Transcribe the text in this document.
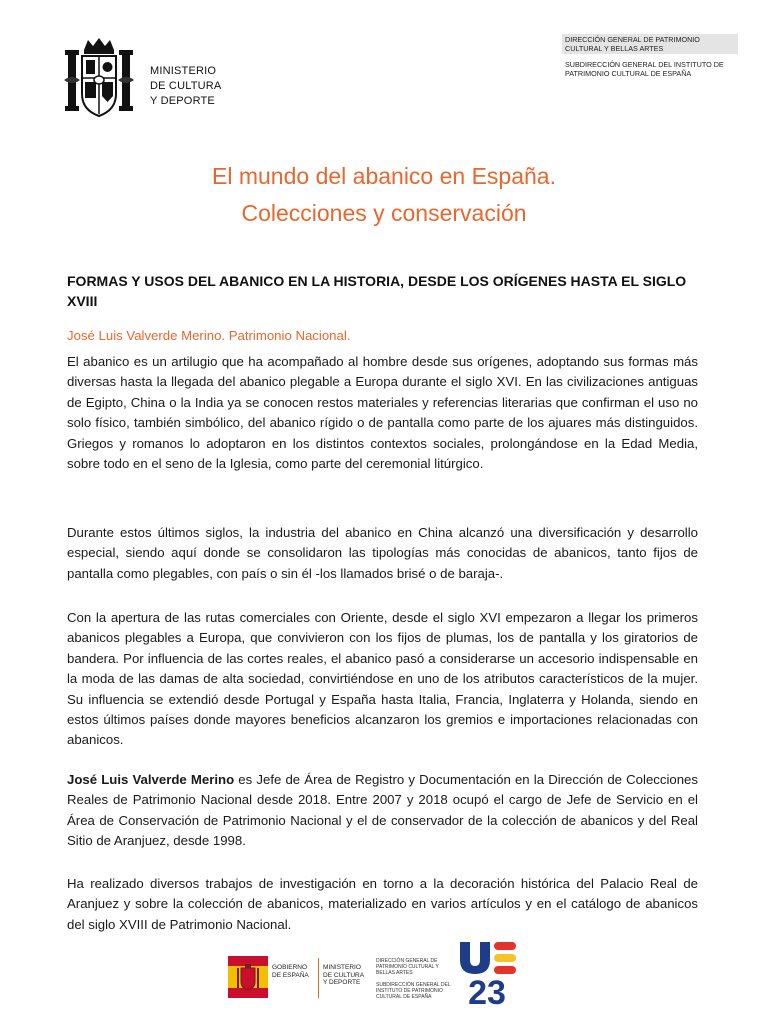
MINISTERIO
DE CULTURA
Y DEPORTE
DIRECCIÓN GENERAL DE PATRIMONIO CULTURAL Y BELLAS ARTES
SUBDIRECCIÓN GENERAL DEL INSTITUTO DE PATRIMONIO CULTURAL DE ESPAÑA
El mundo del abanico en España.
Colecciones y conservación
FORMAS Y USOS DEL ABANICO EN LA HISTORIA, DESDE LOS ORÍGENES HASTA EL SIGLO XVIII
José Luis Valverde Merino. Patrimonio Nacional.

El abanico es un artilugio que ha acompañado al hombre desde sus orígenes, adoptando sus formas más diversas hasta la llegada del abanico plegable a Europa durante el siglo XVI. En las civilizaciones antiguas de Egipto, China o la India ya se conocen restos materiales y referencias literarias que confirman el uso no solo físico, también simbólico, del abanico rígido o de pantalla como parte de los ajuares más distinguidos. Griegos y romanos lo adoptaron en los distintos contextos sociales, prolongándose en la Edad Media, sobre todo en el seno de la Iglesia, como parte del ceremonial litúrgico.

Durante estos últimos siglos, la industria del abanico en China alcanzó una diversificación y desarrollo especial, siendo aquí donde se consolidaron las tipologías más conocidas de abanicos, tanto fijos de pantalla como plegables, con país o sin él -los llamados brisé o de baraja-.

Con la apertura de las rutas comerciales con Oriente, desde el siglo XVI empezaron a llegar los primeros abanicos plegables a Europa, que convivieron con los fijos de plumas, los de pantalla y los giratorios de bandera. Por influencia de las cortes reales, el abanico pasó a considerarse un accesorio indispensable en la moda de las damas de alta sociedad, convirtiéndose en uno de los atributos característicos de la mujer. Su influencia se extendió desde Portugal y España hasta Italia, Francia, Inglaterra y Holanda, siendo en estos últimos países donde mayores beneficios alcanzaron los gremios e importaciones relacionadas con abanicos.

José Luis Valverde Merino es Jefe de Área de Registro y Documentación en la Dirección de Colecciones Reales de Patrimonio Nacional desde 2018. Entre 2007 y 2018 ocupó el cargo de Jefe de Servicio en el Área de Conservación de Patrimonio Nacional y el de conservador de la colección de abanicos y del Real Sitio de Aranjuez, desde 1998.

Ha realizado diversos trabajos de investigación en torno a la decoración histórica del Palacio Real de Aranjuez y sobre la colección de abanicos, materializado en varios artículos y en el catálogo de abanicos del siglo XVIII de Patrimonio Nacional.

GOBIERNO
DE ESPAÑA
MINISTERIO
DE CULTURA
Y DEPORTE
DIRECCIÓN GENERAL DE PATRIMONIO CULTURAL Y BELLAS ARTES
SUBDIRECCIÓN GENERAL DEL INSTITUTO DE PATRIMONIO CULTURAL DE ESPAÑA	23
